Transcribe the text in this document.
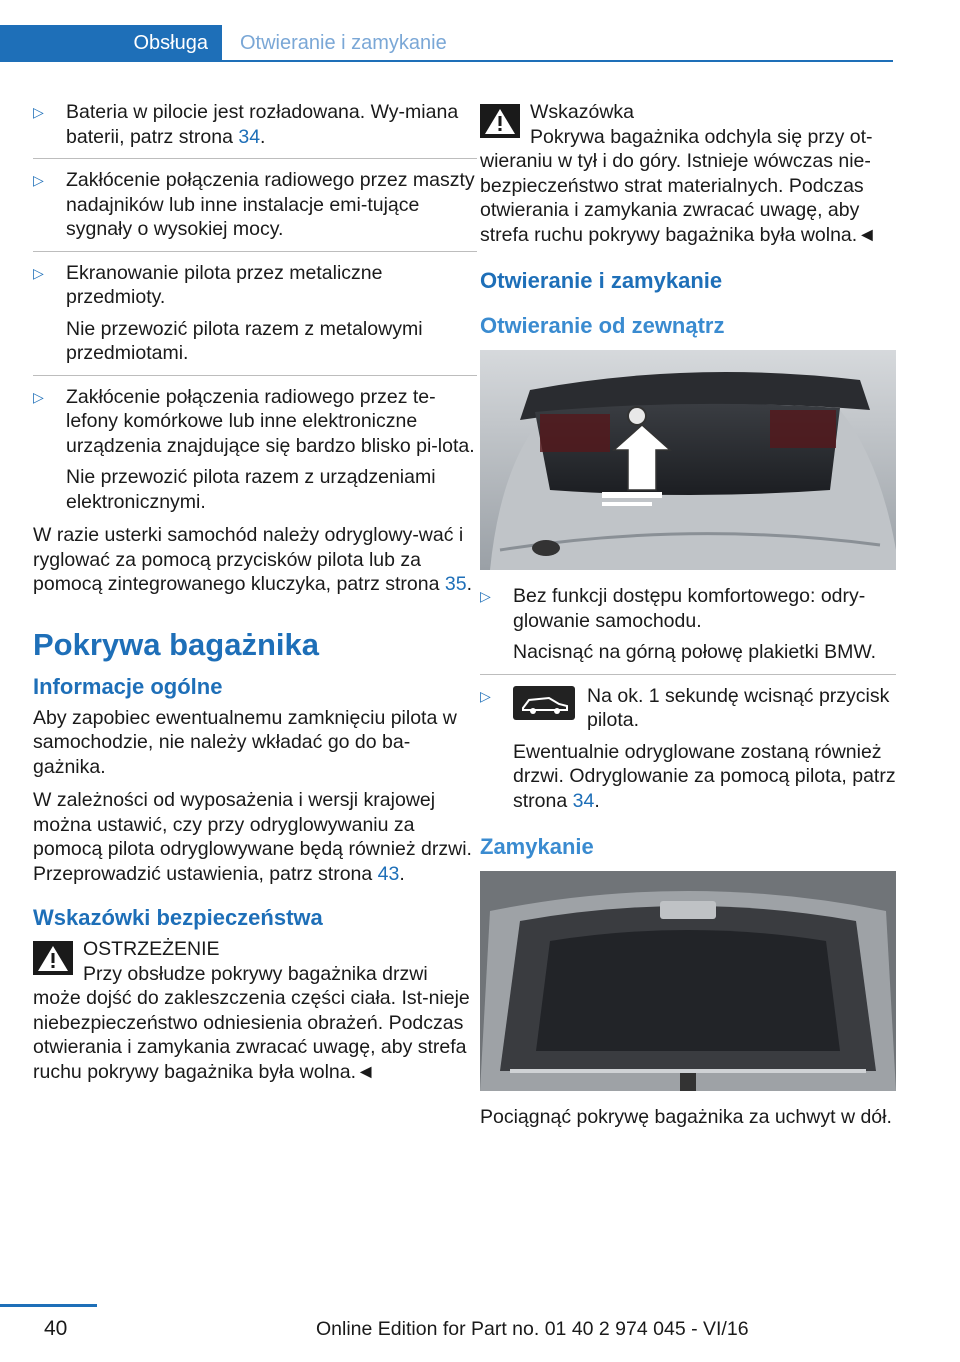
Obsługa	Otwieranie i zamykanie
▷ Bateria w pilocie jest rozładowana. Wy-miana baterii, patrz strona 34.

▷ Zakłócenie połączenia radiowego przez maszty nadajników lub inne instalacje emi-tujące sygnały o wysokiej mocy.

▷ Ekranowanie pilota przez metaliczne przedmioty.

Nie przewozić pilota razem z metalowymi przedmiotami.

▷ Zakłócenie połączenia radiowego przez te-lefony komórkowe lub inne elektroniczne urządzenia znajdujące się bardzo blisko pi-lota.

Nie przewozić pilota razem z urządzeniami elektronicznymi.

W razie usterki samochód należy odryglowy-wać i ryglować za pomocą przycisków pilota lub za pomocą zintegrowanego kluczyka, patrz strona 35.

Pokrywa bagażnika
Informacje ogólne

Aby zapobiec ewentualnemu zamknięciu pilota w samochodzie, nie należy wkładać go do ba-gażnika.

W zależności od wyposażenia i wersji krajowej można ustawić, czy przy odryglowywaniu za pomocą pilota odryglowywane będą również drzwi. Przeprowadzić ustawienia, patrz strona 43.

Wskazówki bezpieczeństwa
OSTRZEŻENIE
Przy obsłudze pokrywy bagażnika drzwi może dojść do zakleszczenia części ciała. Ist-nieje niebezpieczeństwo odniesienia obrażeń. Podczas otwierania i zamykania zwracać uwagę, aby strefa ruchu pokrywy bagażnika była wolna.◄
Wskazówka
Pokrywa bagażnika odchyla się przy ot-wieraniu w tył i do góry. Istnieje wówczas nie-bezpieczeństwo strat materialnych. Podczas otwierania i zamykania zwracać uwagę, aby strefa ruchu pokrywy bagażnika była wolna.◄
Otwieranie i zamykanie
Otwieranie od zewnątrz
▷ Bez funkcji dostępu komfortowego: odry-glowanie samochodu.

Nacisnąć na górną połowę plakietki BMW.

▷	Na ok. 1 sekundę wcisnąć przycisk pilota.

Ewentualnie odryglowane zostaną również drzwi. Odryglowanie za pomocą pilota, patrz strona 34.

Zamykanie

Pociągnąć pokrywę bagażnika za uchwyt w dół.

40	Online Edition for Part no. 01 40 2 974 045 - VI/16
